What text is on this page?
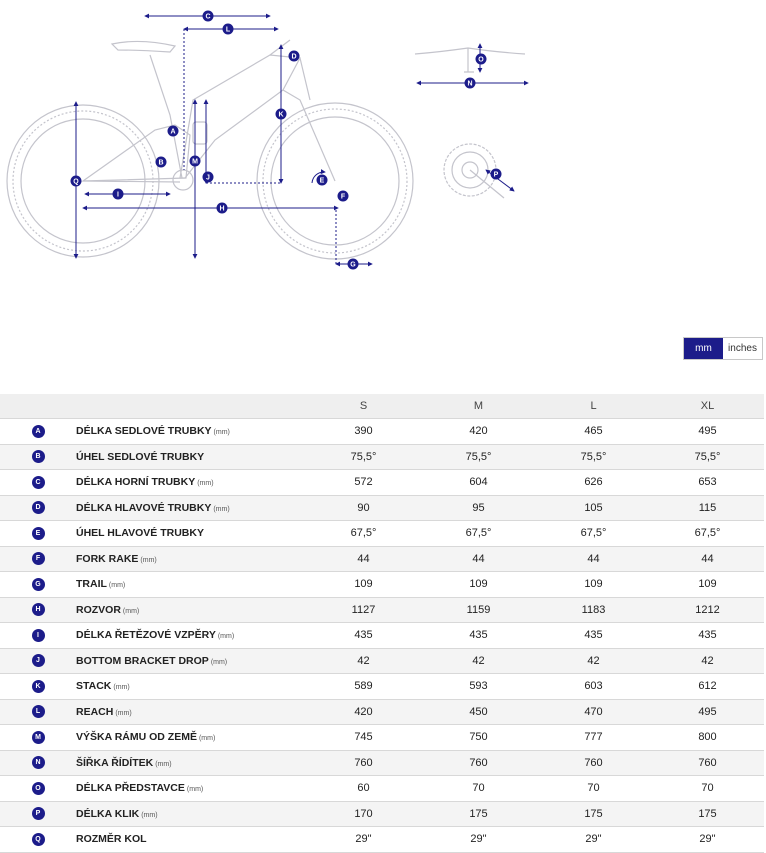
C
L
D
K
A
B	M
J
Q
I
H
E
F
G
N
O
P
mm	inches
		S	M	L	XL
A	DÉLKA SEDLOVÉ TRUBKY (mm)	390	420	465	495
B	ÚHEL SEDLOVÉ TRUBKY	75,5°	75,5°	75,5°	75,5°
C	DÉLKA HORNÍ TRUBKY (mm)	572	604	626	653
D	DÉLKA HLAVOVÉ TRUBKY (mm)	90	95	105	115
E	ÚHEL HLAVOVÉ TRUBKY	67,5°	67,5°	67,5°	67,5°
F	FORK RAKE (mm)	44	44	44	44
G	TRAIL (mm)	109	109	109	109
H	ROZVOR (mm)	1127	1159	1183	1212
I	DÉLKA ŘETĚZOVÉ VZPĚRY (mm)	435	435	435	435
J	BOTTOM BRACKET DROP (mm)	42	42	42	42
K	STACK (mm)	589	593	603	612
L	REACH (mm)	420	450	470	495
M	VÝŠKA RÁMU OD ZEMĚ (mm)	745	750	777	800
N	ŠÍŘKA ŘÍDÍTEK (mm)	760	760	760	760
O	DÉLKA PŘEDSTAVCE (mm)	60	70	70	70
P	DÉLKA KLIK (mm)	170	175	175	175
Q	ROZMĚR KOL	29"	29"	29"	29"
